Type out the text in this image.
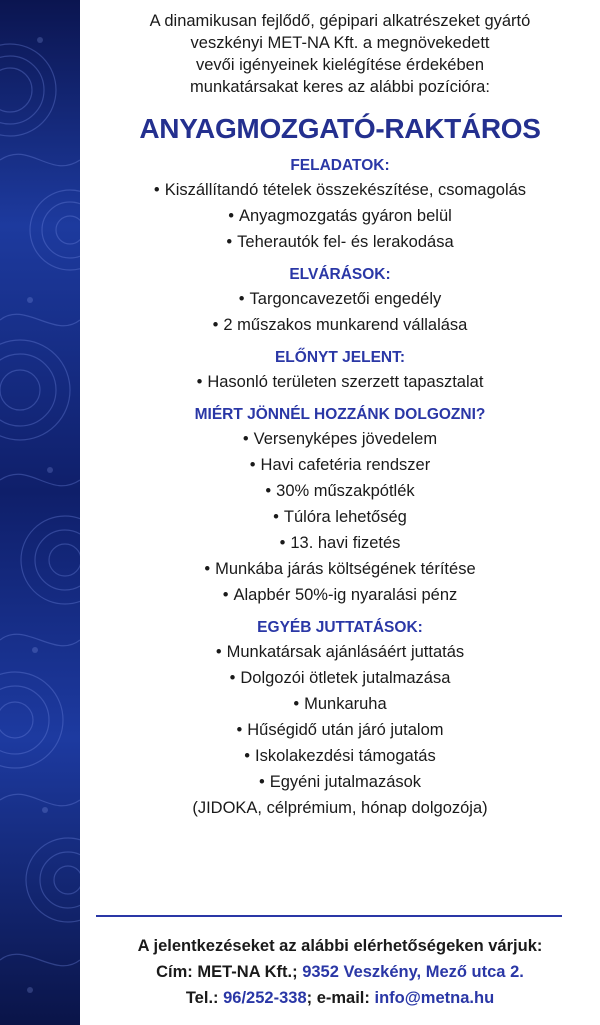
A dinamikusan fejlődő, gépipari alkatrészeket gyártó
veszkényi MET-NA Kft. a megnövekedett
vevői igényeinek kielégítése érdekében
munkatársakat keres az alábbi pozícióra:
ANYAGMOZGATÓ-RAKTÁROS
FELADATOK:
• Kiszállítandó tételek összekészítése, csomagolás
• Anyagmozgatás gyáron belül
• Teherautók fel- és lerakodása
ELVÁRÁSOK:
• Targoncavezetői engedély
• 2 műszakos munkarend vállalása
ELŐNYT JELENT:
• Hasonló területen szerzett tapasztalat
MIÉRT JÖNNÉL HOZZÁNK DOLGOZNI?
• Versenyképes jövedelem
• Havi cafetéria rendszer
• 30% műszakpótlék
• Túlóra lehetőség
• 13. havi fizetés
• Munkába járás költségének térítése
• Alapbér 50%-ig nyaralási pénz
EGYÉB JUTTATÁSOK:
• Munkatársak ajánlásáért juttatás
• Dolgozói ötletek jutalmazása
• Munkaruha
• Hűségidő után járó jutalom
• Iskolakezdési támogatás
• Egyéni jutalmazások
(JIDOKA, célprémium, hónap dolgozója)
A jelentkezéseket az alábbi elérhetőségeken várjuk:
Cím: MET-NA Kft.; 9352 Veszkény, Mező utca 2.
Tel.: 96/252-338; e-mail: info@metna.hu
